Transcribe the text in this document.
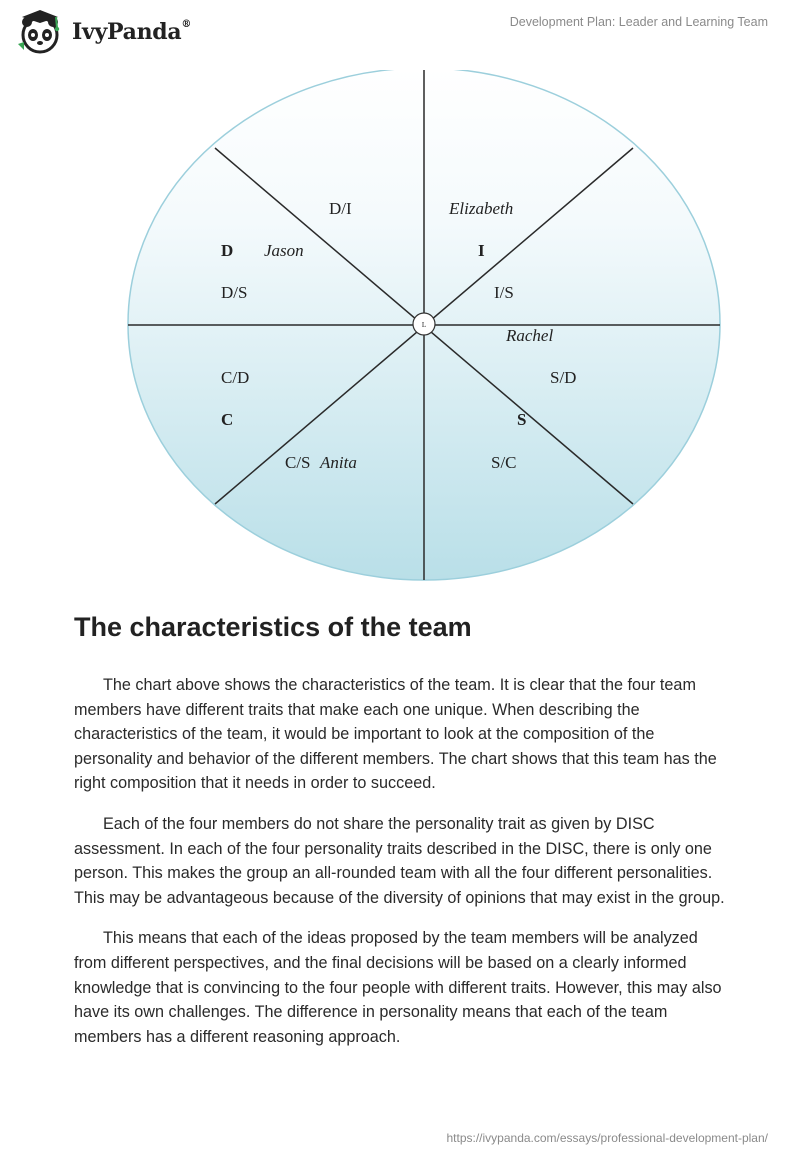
IvyPanda®	Development Plan: Leader and Learning Team
L
D/I	Elizabeth
D Jason	I
D/S	I/S
Rachel
C/D	S/D
C	S
C/S Anita	S/C
The characteristics of the team

The chart above shows the characteristics of the team. It is clear that the four team members have different traits that make each one unique. When describing the characteristics of the team, it would be important to look at the composition of the personality and behavior of the different members. The chart shows that this team has the right composition that it needs in order to succeed.

Each of the four members do not share the personality trait as given by DISC assessment. In each of the four personality traits described in the DISC, there is only one person. This makes the group an all-rounded team with all the four different personalities. This may be advantageous because of the diversity of opinions that may exist in the group.

This means that each of the ideas proposed by the team members will be analyzed from different perspectives, and the final decisions will be based on a clearly informed knowledge that is convincing to the four people with different traits. However, this may also have its own challenges. The difference in personality means that each of the team members has a different reasoning approach.

https://ivypanda.com/essays/professional-development-plan/
